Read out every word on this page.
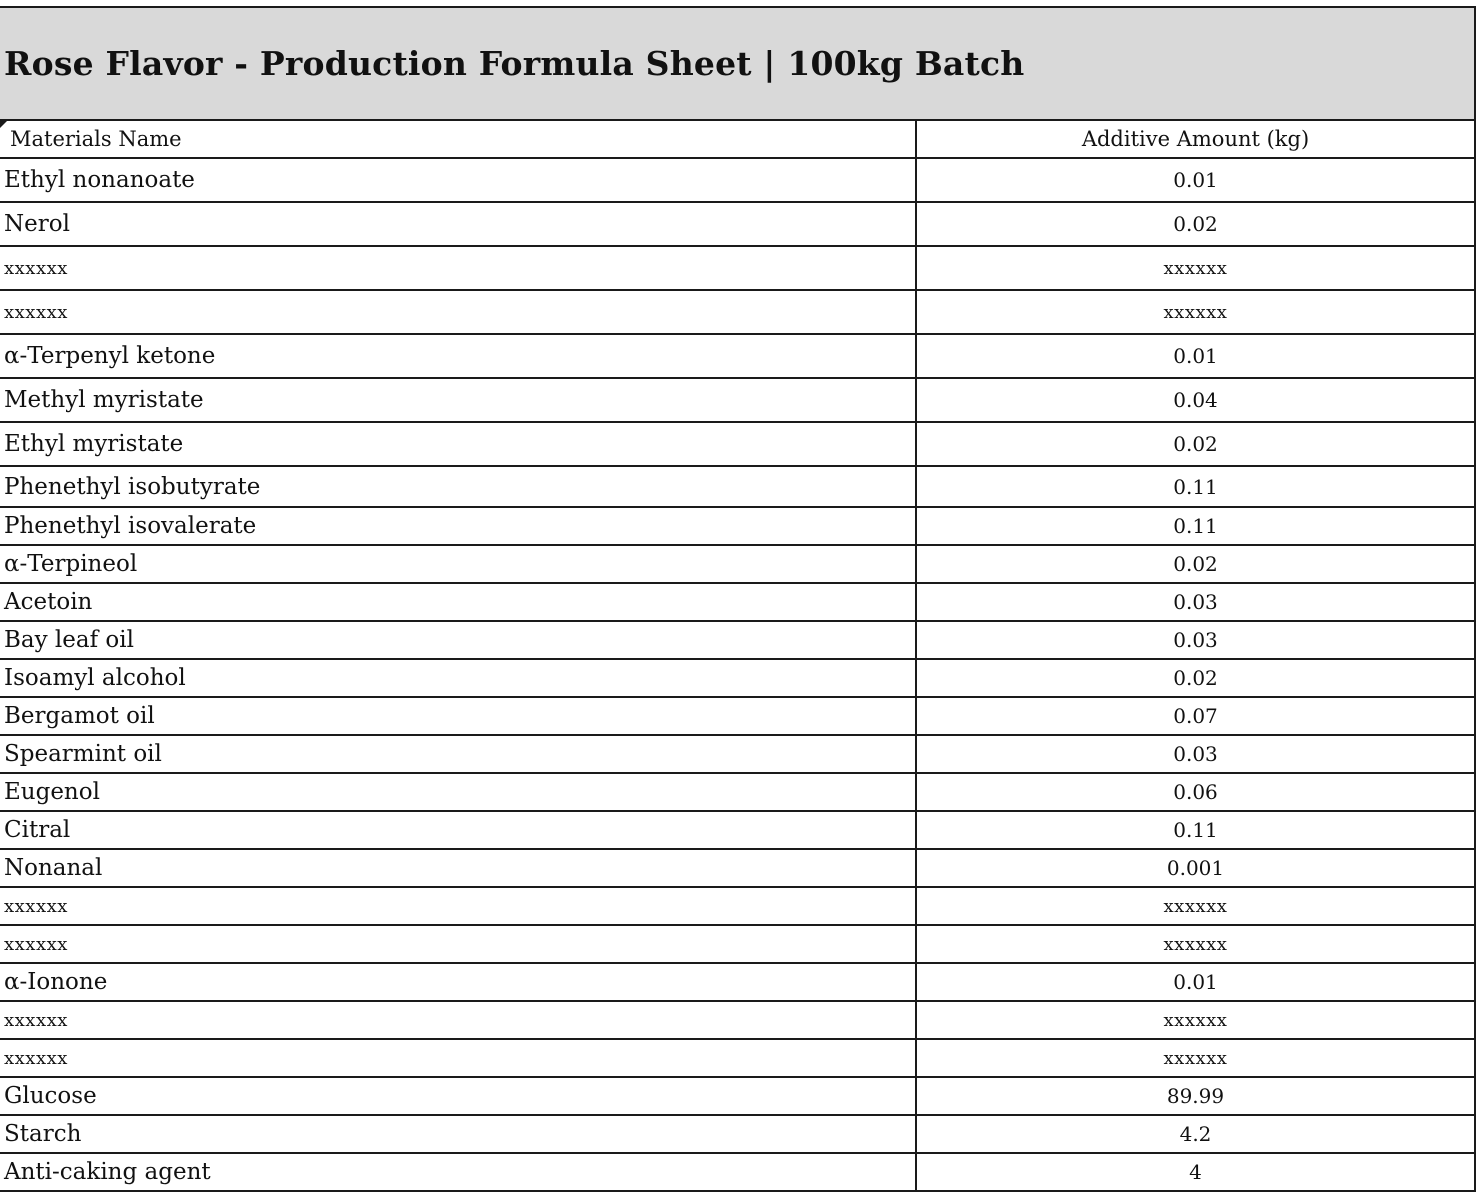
Rose Flavor - Production Formula Sheet | 100kg Batch
Materials Name	Additive Amount (kg)
Ethyl nonanoate	0.01
Nerol	0.02
xxxxxx	xxxxxx
xxxxxx	xxxxxx
α-Terpenyl ketone	0.01
Methyl myristate	0.04
Ethyl myristate	0.02
Phenethyl isobutyrate	0.11
Phenethyl isovalerate	0.11
α-Terpineol	0.02
Acetoin	0.03
Bay leaf oil	0.03
Isoamyl alcohol	0.02
Bergamot oil	0.07
Spearmint oil	0.03
Eugenol	0.06
Citral	0.11
Nonanal	0.001
xxxxxx	xxxxxx
xxxxxx	xxxxxx
α-Ionone	0.01
xxxxxx	xxxxxx
xxxxxx	xxxxxx
Glucose	89.99
Starch	4.2
Anti-caking agent	4
